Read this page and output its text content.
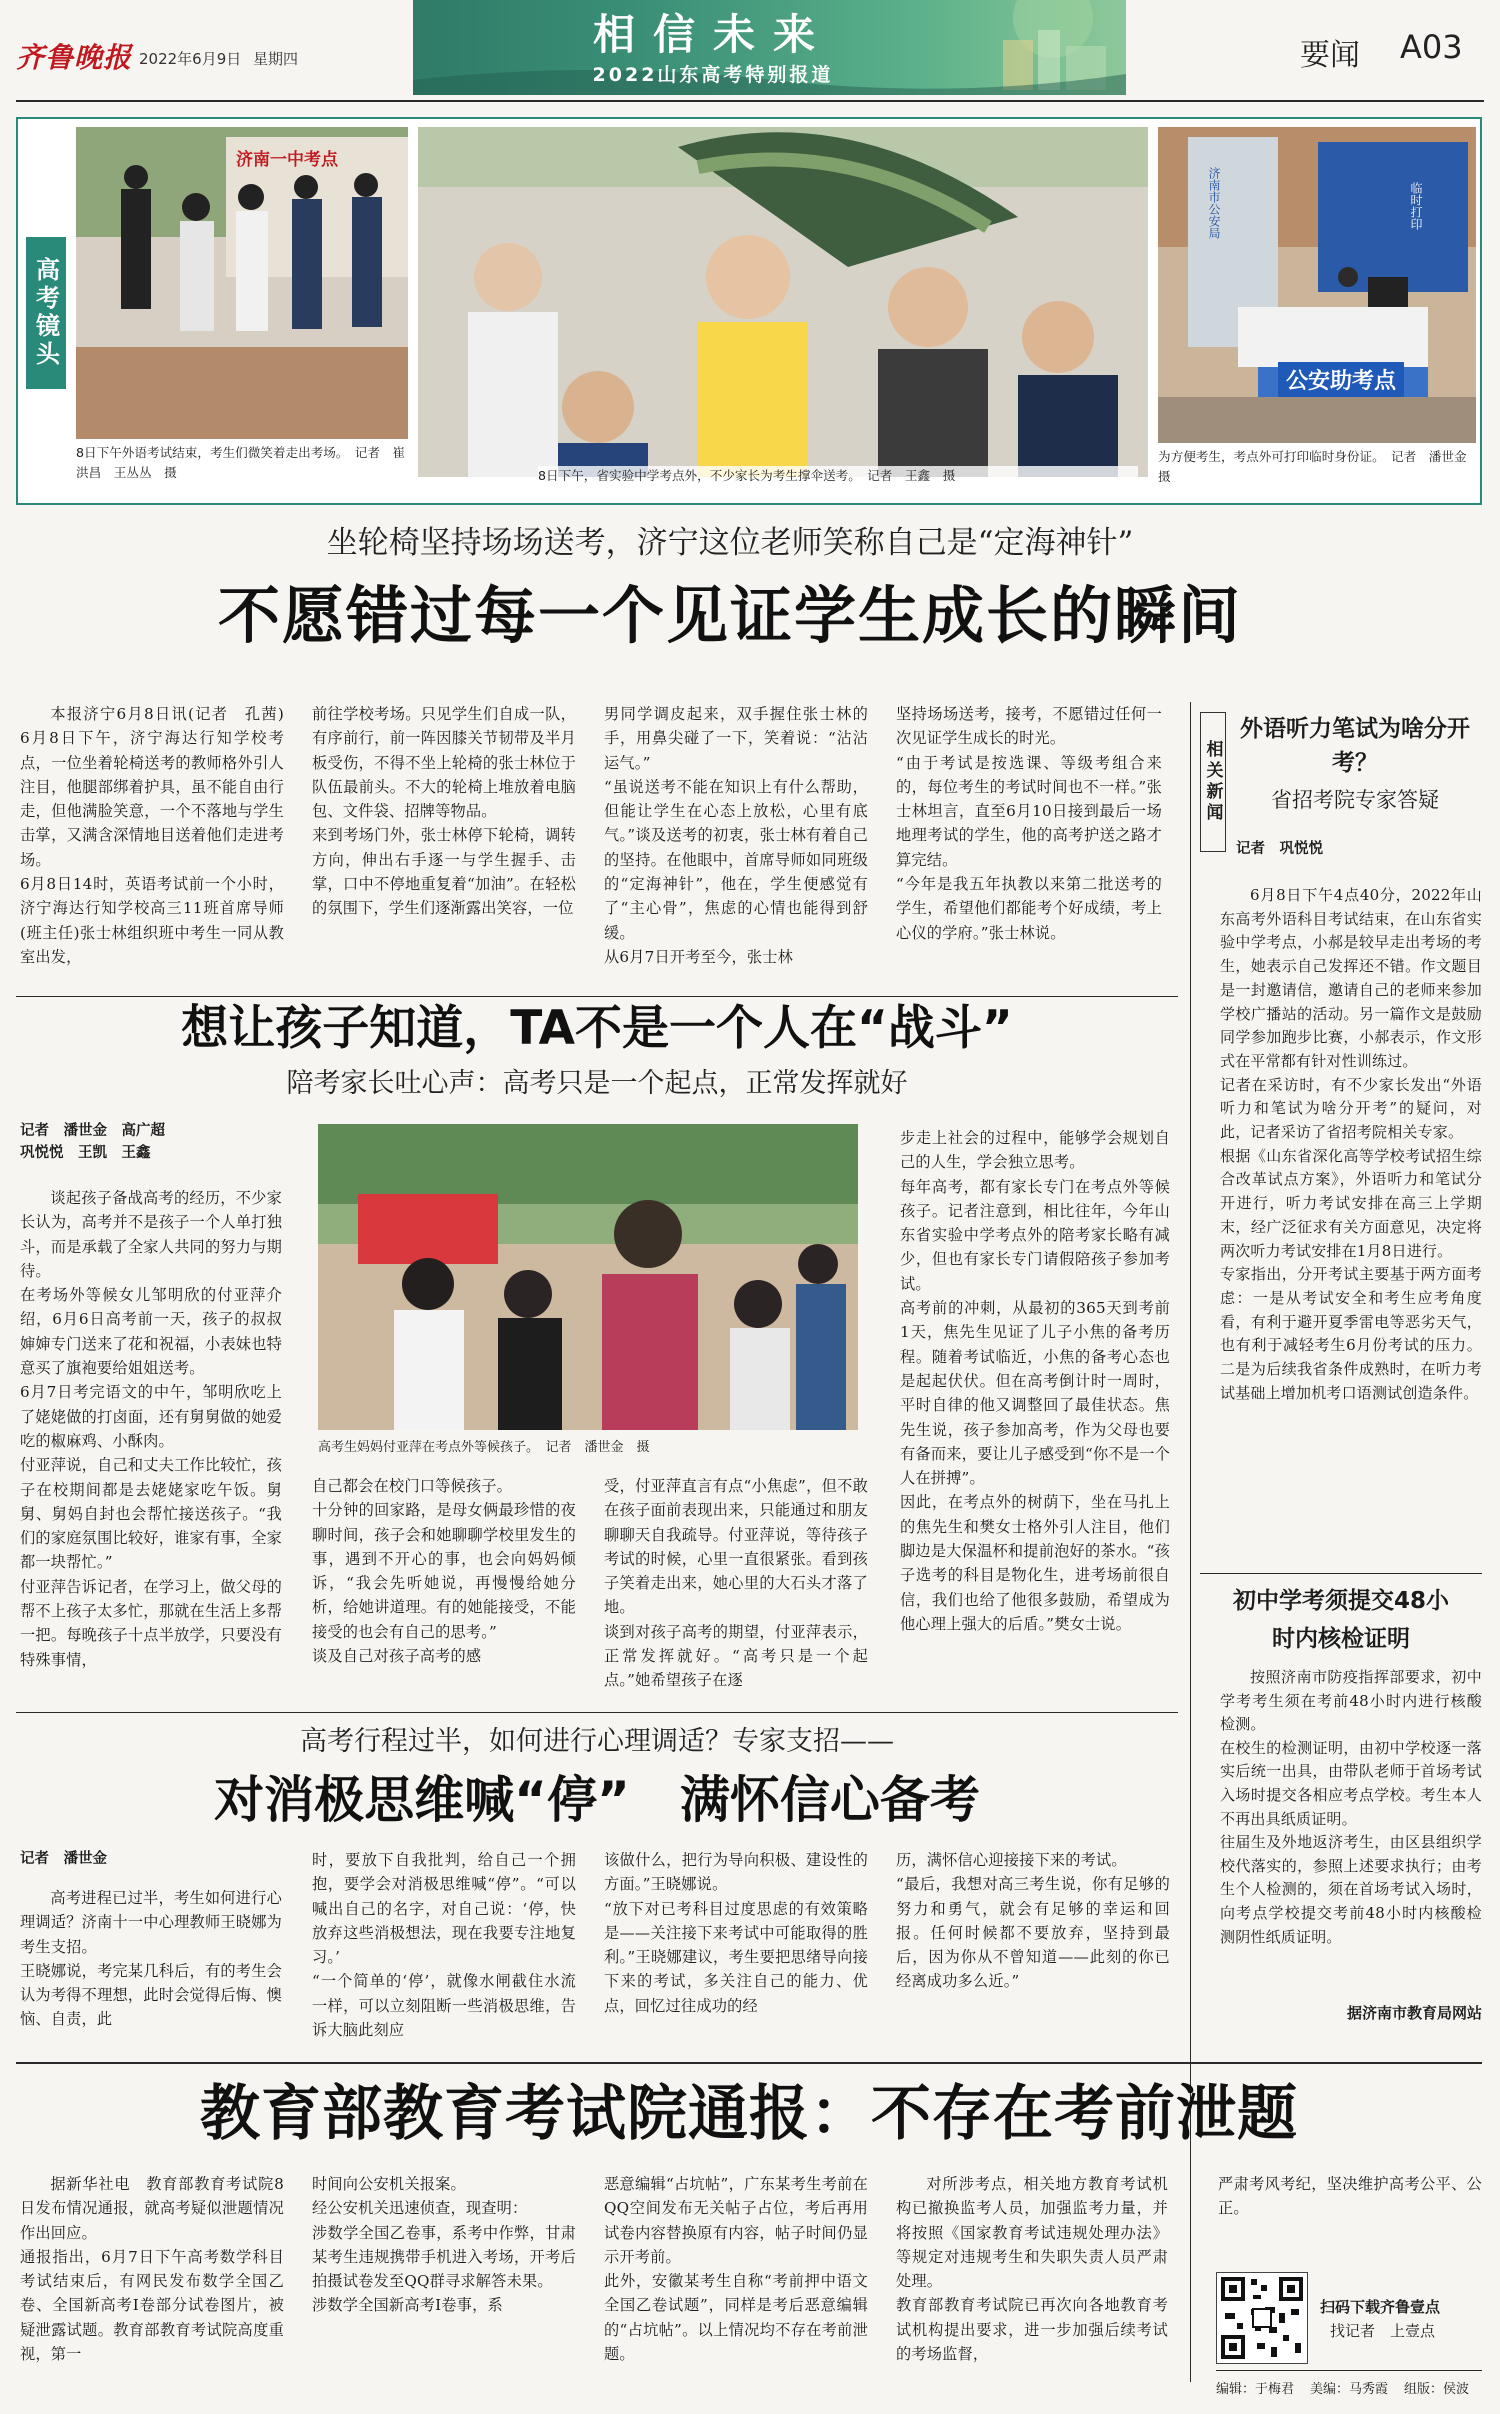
齐鲁晚报 2022年6月9日 星期四	相信未来
2022山东高考特别报道
要闻 A03
高考镜头
济南一中考点
8日下午外语考试结束，考生们微笑着走出考场。　记者　崔洪昌　王丛丛　摄	8日下午，省实验中学考点外，不少家长为考生撑伞送考。　记者　王鑫　摄
公安助考点
临时打印
济南市公安局
为方便考生，考点外可打印临时身份证。　记者　潘世金　摄
坐轮椅坚持场场送考，济宁这位老师笑称自己是“定海神针”
不愿错过每一个见证学生成长的瞬间
本报济宁6月8日讯(记者　孔茜)　6月8日下午，济宁海达行知学校考点，一位坐着轮椅送考的教师格外引人注目，他腿部绑着护具，虽不能自由行走，但他满脸笑意，一个不落地与学生击掌，又满含深情地目送着他们走进考场。
6月8日14时，英语考试前一个小时，济宁海达行知学校高三11班首席导师(班主任)张士林组织班中考生一同从教室出发，
前往学校考场。只见学生们自成一队，有序前行，前一阵因膝关节韧带及半月板受伤，不得不坐上轮椅的张士林位于队伍最前头。不大的轮椅上堆放着电脑包、文件袋、招牌等物品。
来到考场门外，张士林停下轮椅，调转方向，伸出右手逐一与学生握手、击掌，口中不停地重复着“加油”。在轻松的氛围下，学生们逐渐露出笑容，一位
男同学调皮起来，双手握住张士林的手，用鼻尖碰了一下，笑着说：“沾沾运气。”
“虽说送考不能在知识上有什么帮助，但能让学生在心态上放松，心里有底气。”谈及送考的初衷，张士林有着自己的坚持。在他眼中，首席导师如同班级的“定海神针”，他在，学生便感觉有了“主心骨”，焦虑的心情也能得到舒缓。
从6月7日开考至今，张士林
坚持场场送考，接考，不愿错过任何一次见证学生成长的时光。
“由于考试是按选课、等级考组合来的，每位考生的考试时间也不一样。”张士林坦言，直至6月10日接到最后一场地理考试的学生，他的高考护送之路才算完结。
“今年是我五年执教以来第二批送考的学生，希望他们都能考个好成绩，考上心仪的学府。”张士林说。
相关新闻
外语听力笔试为啥分开考？
省招考院专家答疑
记者　巩悦悦
6月8日下午4点40分，2022年山东高考外语科目考试结束，在山东省实验中学考点，小郝是较早走出考场的考生，她表示自己发挥还不错。作文题目是一封邀请信，邀请自己的老师来参加学校广播站的活动。另一篇作文是鼓励同学参加跑步比赛，小郝表示，作文形式在平常都有针对性训练过。
记者在采访时，有不少家长发出“外语听力和笔试为啥分开考”的疑问，对此，记者采访了省招考院相关专家。
根据《山东省深化高等学校考试招生综合改革试点方案》，外语听力和笔试分开进行，听力考试安排在高三上学期末，经广泛征求有关方面意见，决定将两次听力考试安排在1月8日进行。
专家指出，分开考试主要基于两方面考虑：一是从考试安全和考生应考角度看，有利于避开夏季雷电等恶劣天气，也有利于减轻考生6月份考试的压力。二是为后续我省条件成熟时，在听力考试基础上增加机考口语测试创造条件。
初中学考须提交48小时内核检证明
按照济南市防疫指挥部要求，初中学考考生须在考前48小时内进行核酸检测。
在校生的检测证明，由初中学校逐一落实后统一出具，由带队老师于首场考试入场时提交各相应考点学校。考生本人不再出具纸质证明。
往届生及外地返济考生，由区县组织学校代落实的，参照上述要求执行；由考生个人检测的，须在首场考试入场时，向考点学校提交考前48小时内核酸检测阴性纸质证明。
据济南市教育局网站
想让孩子知道，TA不是一个人在“战斗”
陪考家长吐心声：高考只是一个起点，正常发挥就好
记者　潘世金　高广超
巩悦悦　王凯　王鑫
谈起孩子备战高考的经历，不少家长认为，高考并不是孩子一个人单打独斗，而是承载了全家人共同的努力与期待。
在考场外等候女儿邹明欣的付亚萍介绍，6月6日高考前一天，孩子的叔叔婶婶专门送来了花和祝福，小表妹也特意买了旗袍要给姐姐送考。
6月7日考完语文的中午，邹明欣吃上了姥姥做的打卤面，还有舅舅做的她爱吃的椒麻鸡、小酥肉。
付亚萍说，自己和丈夫工作比较忙，孩子在校期间都是去姥姥家吃午饭。舅舅、舅妈自封也会帮忙接送孩子。“我们的家庭氛围比较好，谁家有事，全家都一块帮忙。”
付亚萍告诉记者，在学习上，做父母的帮不上孩子太多忙，那就在生活上多帮一把。每晚孩子十点半放学，只要没有特殊事情，
高考生妈妈付亚萍在考点外等候孩子。　记者　潘世金　摄
自己都会在校门口等候孩子。
十分钟的回家路，是母女俩最珍惜的夜聊时间，孩子会和她聊聊学校里发生的事，遇到不开心的事，也会向妈妈倾诉，“我会先听她说，再慢慢给她分析，给她讲道理。有的她能接受，不能接受的也会有自己的思考。”
谈及自己对孩子高考的感
受，付亚萍直言有点“小焦虑”，但不敢在孩子面前表现出来，只能通过和朋友聊聊天自我疏导。付亚萍说，等待孩子考试的时候，心里一直很紧张。看到孩子笑着走出来，她心里的大石头才落了地。
谈到对孩子高考的期望，付亚萍表示，正常发挥就好。“高考只是一个起点。”她希望孩子在逐
步走上社会的过程中，能够学会规划自己的人生，学会独立思考。
每年高考，都有家长专门在考点外等候孩子。记者注意到，相比往年，今年山东省实验中学考点外的陪考家长略有减少，但也有家长专门请假陪孩子参加考试。
高考前的冲刺，从最初的365天到考前1天，焦先生见证了儿子小焦的备考历程。随着考试临近，小焦的备考心态也是起起伏伏。但在高考倒计时一周时，平时自律的他又调整回了最佳状态。焦先生说，孩子参加高考，作为父母也要有备而来，要让儿子感受到“你不是一个人在拼搏”。
因此，在考点外的树荫下，坐在马扎上的焦先生和樊女士格外引人注目，他们脚边是大保温杯和提前泡好的茶水。“孩子选考的科目是物化生，进考场前很自信，我们也给了他很多鼓励，希望成为他心理上强大的后盾。”樊女士说。
高考行程过半，如何进行心理调适？专家支招——
对消极思维喊“停”　满怀信心备考
记者　潘世金
高考进程已过半，考生如何进行心理调适？济南十一中心理教师王晓娜为考生支招。
王晓娜说，考完某几科后，有的考生会认为考得不理想，此时会觉得后悔、懊恼、自责，此
时，要放下自我批判，给自己一个拥抱，要学会对消极思维喊“停”。“可以喊出自己的名字，对自己说：‘停，快放弃这些消极想法，现在我要专注地复习。’
“一个简单的‘停’，就像水闸截住水流一样，可以立刻阻断一些消极思维，告诉大脑此刻应
该做什么，把行为导向积极、建设性的方面。”王晓娜说。
“放下对已考科目过度思虑的有效策略是——关注接下来考试中可能取得的胜利。”王晓娜建议，考生要把思绪导向接下来的考试，多关注自己的能力、优点，回忆过往成功的经
历，满怀信心迎接接下来的考试。
“最后，我想对高三考生说，你有足够的努力和勇气，就会有足够的幸运和回报。任何时候都不要放弃，坚持到最后，因为你从不曾知道——此刻的你已经离成功多么近。”
教育部教育考试院通报：不存在考前泄题
据新华社电　教育部教育考试院8日发布情况通报，就高考疑似泄题情况作出回应。
通报指出，6月7日下午高考数学科目考试结束后，有网民发布数学全国乙卷、全国新高考I卷部分试卷图片，被疑泄露试题。教育部教育考试院高度重视，第一
时间向公安机关报案。
经公安机关迅速侦查，现查明：
涉数学全国乙卷事，系考中作弊，甘肃某考生违规携带手机进入考场，开考后拍摄试卷发至QQ群寻求解答未果。
涉数学全国新高考I卷事，系
恶意编辑“占坑帖”，广东某考生考前在QQ空间发布无关帖子占位，考后再用试卷内容替换原有内容，帖子时间仍显示开考前。
此外，安徽某考生自称“考前押中语文全国乙卷试题”，同样是考后恶意编辑的“占坑帖”。以上情况均不存在考前泄题。
对所涉考点，相关地方教育考试机构已撤换监考人员，加强监考力量，并将按照《国家教育考试违规处理办法》等规定对违规考生和失职失责人员严肃处理。
教育部教育考试院已再次向各地教育考试机构提出要求，进一步加强后续考试的考场监督，
严肃考风考纪，坚决维护高考公平、公正。
扫码下载齐鲁壹点
找记者　上壹点
编辑：于梅君 美编：马秀霞 组版：侯波
